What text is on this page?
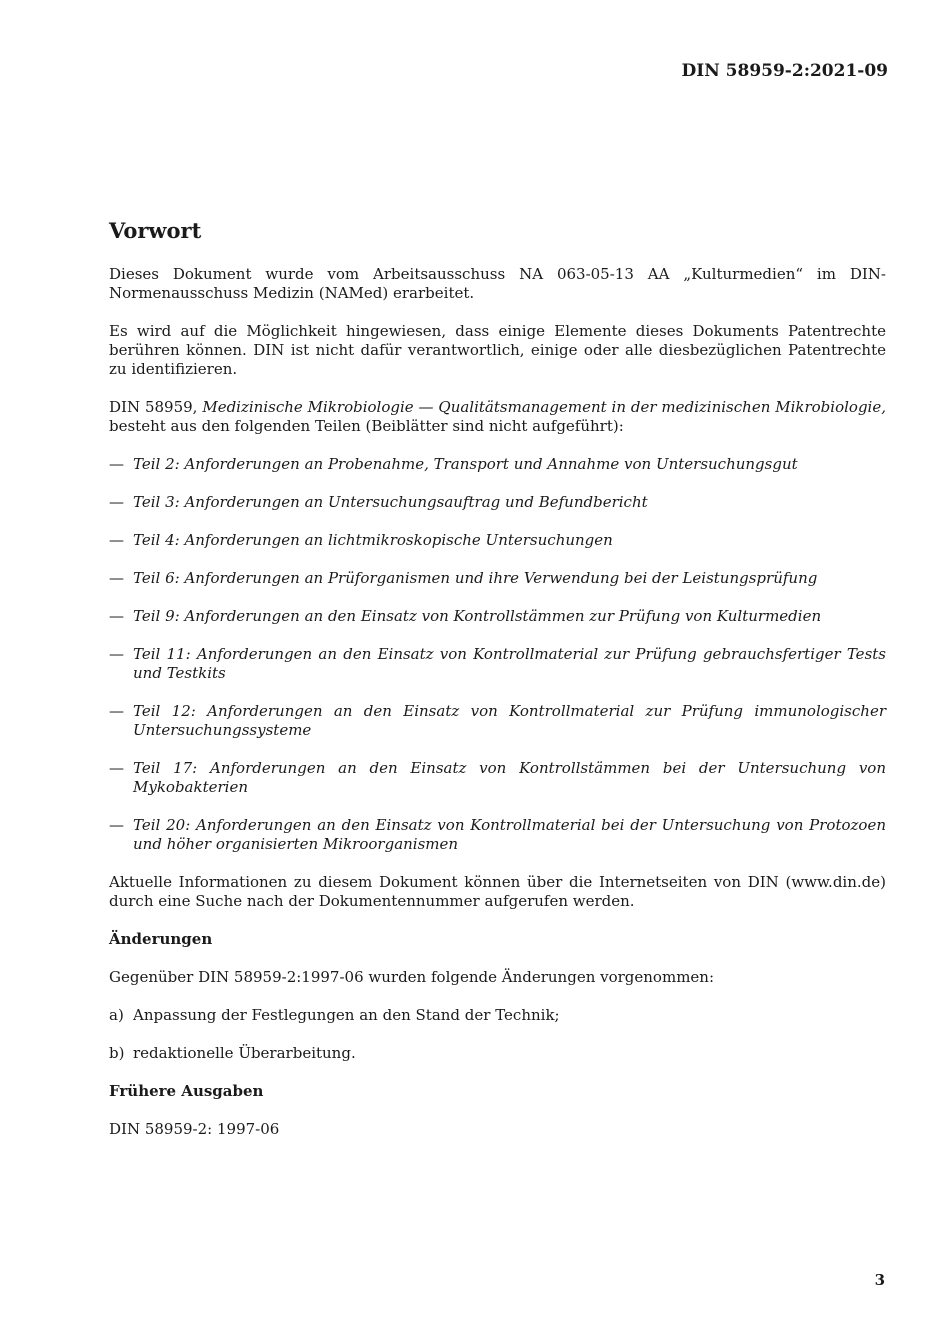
DIN 58959-2:2021-09
Vorwort

Dieses Dokument wurde vom Arbeitsausschuss NA 063-05-13 AA „Kulturmedien“ im DIN-Normenausschuss Medizin (NAMed) erarbeitet.

Es wird auf die Möglichkeit hingewiesen, dass einige Elemente dieses Dokuments Patentrechte berühren können. DIN ist nicht dafür verantwortlich, einige oder alle diesbezüglichen Patentrechte zu identifizieren.

DIN 58959, Medizinische Mikrobiologie — Qualitätsmanagement in der medizinischen Mikrobiologie, besteht aus den folgenden Teilen (Beiblätter sind nicht aufgeführt):

— Teil 2: Anforderungen an Probenahme, Transport und Annahme von Untersuchungsgut
— Teil 3: Anforderungen an Untersuchungsauftrag und Befundbericht
— Teil 4: Anforderungen an lichtmikroskopische Untersuchungen
— Teil 6: Anforderungen an Prüforganismen und ihre Verwendung bei der Leistungsprüfung
— Teil 9: Anforderungen an den Einsatz von Kontrollstämmen zur Prüfung von Kulturmedien
— Teil 11: Anforderungen an den Einsatz von Kontrollmaterial zur Prüfung gebrauchsfertiger Tests und Testkits
— Teil 12: Anforderungen an den Einsatz von Kontrollmaterial zur Prüfung immunologischer Untersuchungssysteme
— Teil 17: Anforderungen an den Einsatz von Kontrollstämmen bei der Untersuchung von Mykobakterien
— Teil 20: Anforderungen an den Einsatz von Kontrollmaterial bei der Untersuchung von Protozoen und höher organisierten Mikroorganismen

Aktuelle Informationen zu diesem Dokument können über die Internetseiten von DIN (www.din.de) durch eine Suche nach der Dokumentennummer aufgerufen werden.

Änderungen

Gegenüber DIN 58959-2:1997-06 wurden folgende Änderungen vorgenommen:

a) Anpassung der Festlegungen an den Stand der Technik;
b) redaktionelle Überarbeitung.
Frühere Ausgaben

DIN 58959-2: 1997-06

3
